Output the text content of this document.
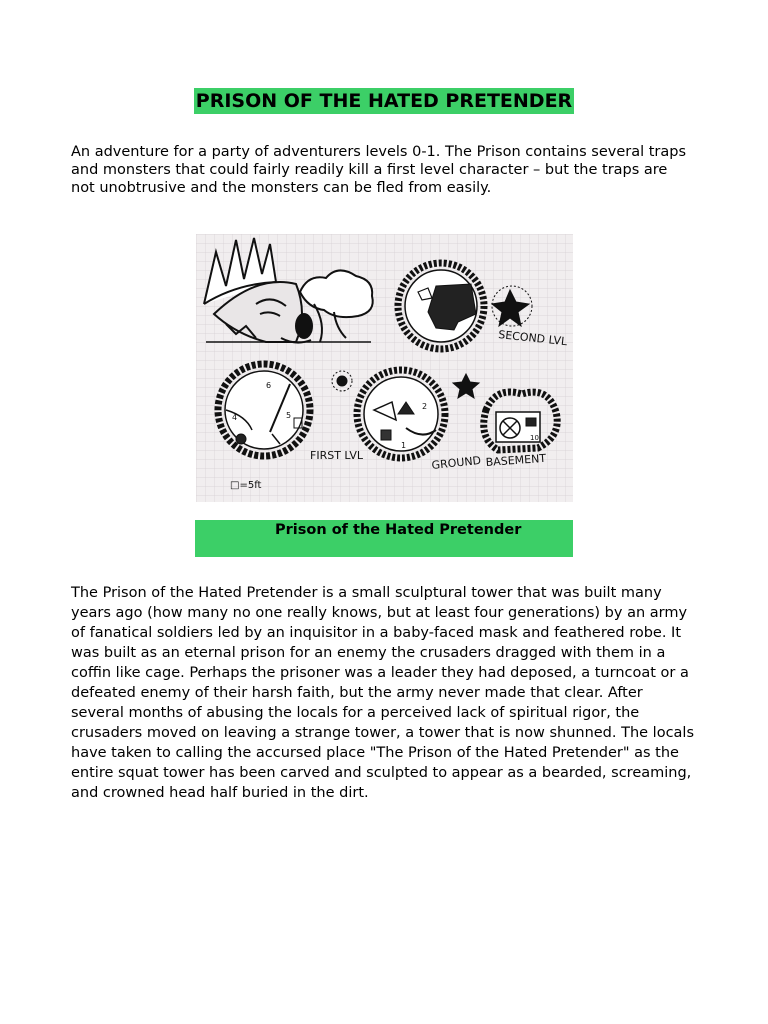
PRISON OF THE HATED PRETENDER

An adventure for a party of adventurers levels 0-1. The Prison contains several traps and monsters that could fairly readily kill a first level character – but the traps are not unobtrusive and the monsters can be fled from easily.

SECOND LVL
6
4	5
FIRST LVL
2
1
GROUND
10
BASEMENT
□=5ft
Prison of the Hated Pretender

The Prison of the Hated Pretender is a small sculptural tower that was built many years ago (how many no one really knows, but at least four generations) by an army of fanatical soldiers led by an inquisitor in a baby-faced mask and feathered robe. It was built as an eternal prison for an enemy the crusaders dragged with them in a coffin like cage. Perhaps the prisoner was a leader they had deposed, a turncoat or a defeated enemy of their harsh faith, but the army never made that clear. After several months of abusing the locals for a perceived lack of spiritual rigor, the crusaders moved on leaving a strange tower, a tower that is now shunned. The locals have taken to calling the accursed place "The Prison of the Hated Pretender" as the entire squat tower has been carved and sculpted to appear as a bearded, screaming, and crowned head half buried in the dirt.
